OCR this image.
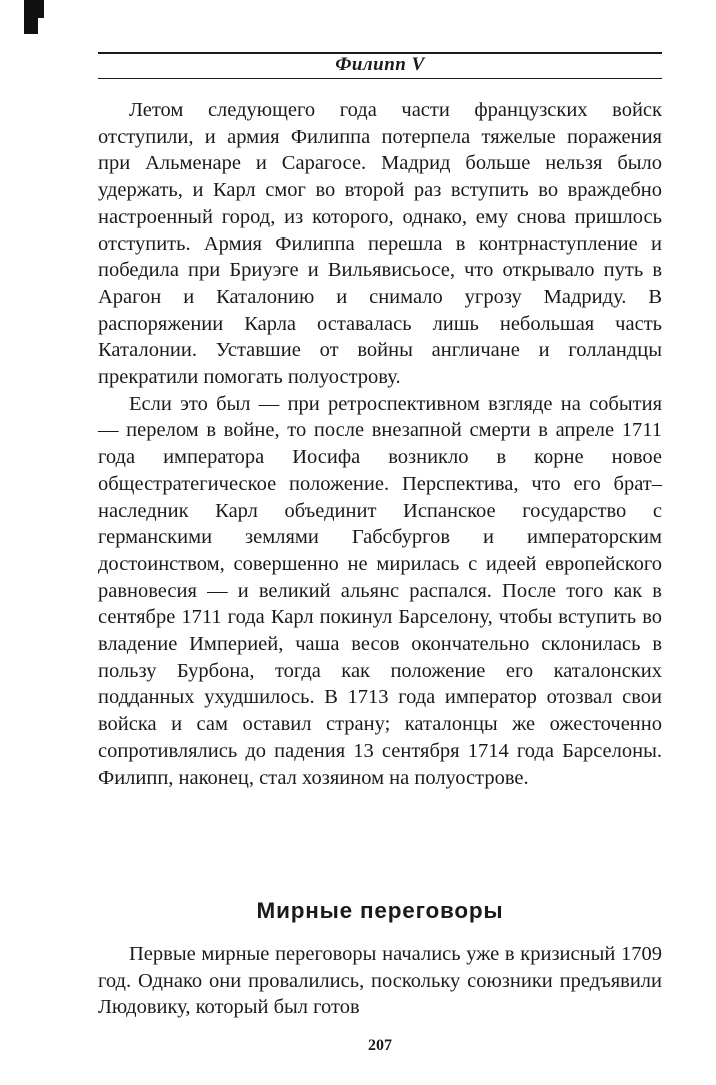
Филипп V

Летом следующего года части французских войск отступили, и армия Филиппа потерпела тяжелые поражения при Альменаре и Сарагосе. Мадрид больше нельзя было удержать, и Карл смог во второй раз вступить во враждебно настроенный город, из которого, однако, ему снова пришлось отступить. Армия Филиппа перешла в контрнаступление и победила при Бриуэге и Вильявисьосе, что открывало путь в Арагон и Каталонию и снимало угрозу Мадриду. В распоряжении Карла оставалась лишь небольшая часть Каталонии. Уставшие от войны англичане и голландцы прекратили помогать полуострову.

Если это был — при ретроспективном взгляде на события — перелом в войне, то после внезапной смерти в апреле 1711 года императора Иосифа возникло в корне новое общестратегическое положение. Перспектива, что его брат–наследник Карл объединит Испанское государство с германскими землями Габсбургов и императорским достоинством, совершенно не мирилась с идеей европейского равновесия — и великий альянс распался. После того как в сентябре 1711 года Карл покинул Барселону, чтобы вступить во владение Империей, чаша весов окончательно склонилась в пользу Бурбона, тогда как положение его каталонских подданных ухудшилось. В 1713 года император отозвал свои войска и сам оставил страну; каталонцы же ожесточенно сопротивлялись до падения 13 сентября 1714 года Барселоны. Филипп, наконец, стал хозяином на полуострове.

Мирные переговоры

Первые мирные переговоры начались уже в кризисный 1709 год. Однако они провалились, поскольку союзники предъявили Людовику, который был готов

207
